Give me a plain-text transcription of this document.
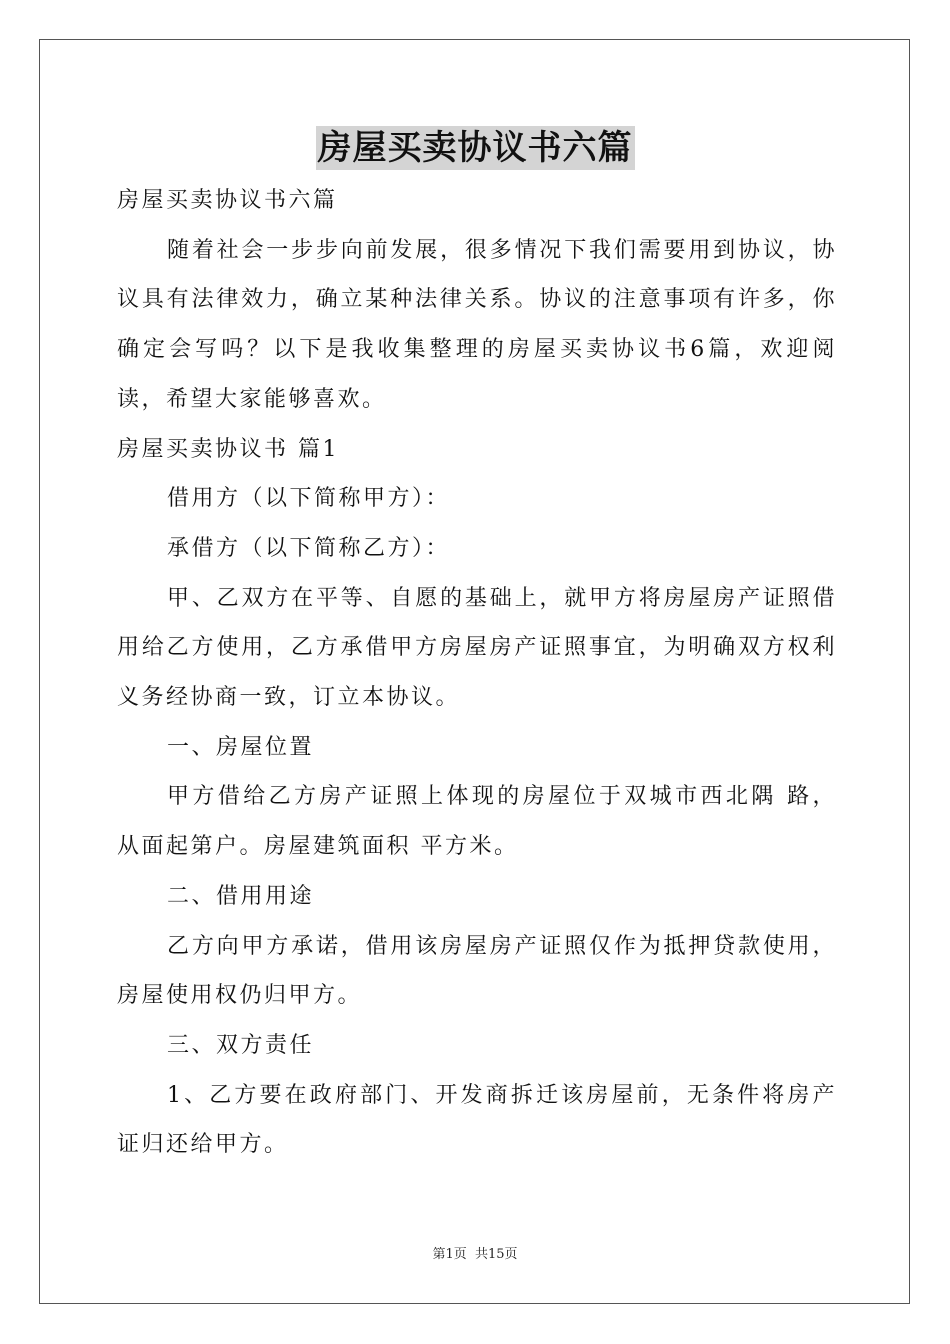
房屋买卖协议书六篇

房屋买卖协议书六篇

随着社会一步步向前发展，很多情况下我们需要用到协议，协议具有法律效力，确立某种法律关系。协议的注意事项有许多，你确定会写吗？以下是我收集整理的房屋买卖协议书6篇，欢迎阅读，希望大家能够喜欢。

房屋买卖协议书 篇1

借用方（以下简称甲方）：

承借方（以下简称乙方）：

甲、乙双方在平等、自愿的基础上，就甲方将房屋房产证照借用给乙方使用，乙方承借甲方房屋房产证照事宜，为明确双方权利义务经协商一致，订立本协议。

一、房屋位置

甲方借给乙方房产证照上体现的房屋位于双城市西北隅 路，从面起第户。房屋建筑面积 平方米。

二、借用用途

乙方向甲方承诺，借用该房屋房产证照仅作为抵押贷款使用，房屋使用权仍归甲方。

三、双方责任

1、乙方要在政府部门、开发商拆迁该房屋前，无条件将房产证归还给甲方。

第1页 共15页
